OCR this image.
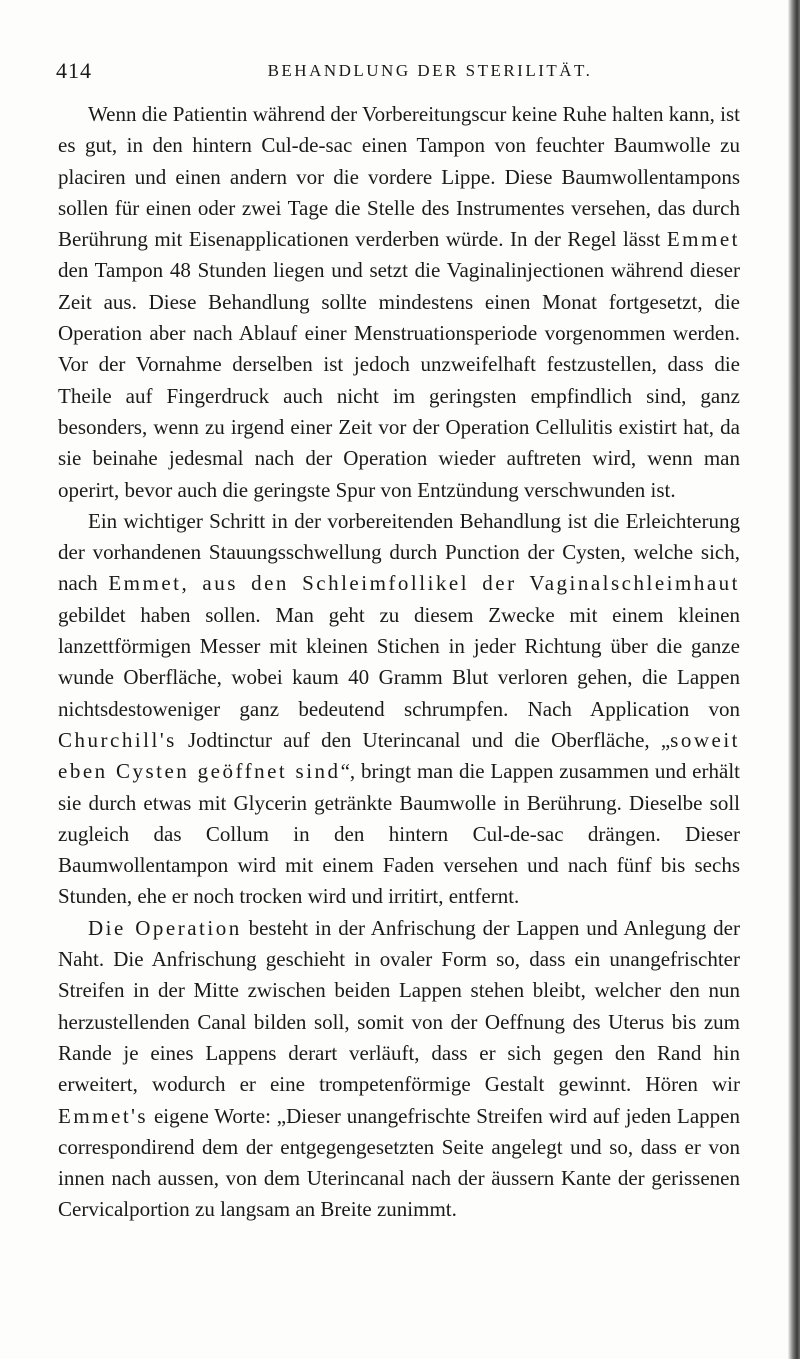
414	BEHANDLUNG DER STERILITÄT.

Wenn die Patientin während der Vorbereitungscur keine Ruhe halten kann, ist es gut, in den hintern Cul-de-sac einen Tampon von feuchter Baumwolle zu placiren und einen andern vor die vordere Lippe. Diese Baumwollentampons sollen für einen oder zwei Tage die Stelle des Instrumentes versehen, das durch Berührung mit Eisenapplicationen verderben würde. In der Regel lässt Emmet den Tampon 48 Stunden liegen und setzt die Vaginalinjectionen während dieser Zeit aus. Diese Behandlung sollte mindestens einen Monat fortgesetzt, die Operation aber nach Ablauf einer Menstruationsperiode vorgenommen werden. Vor der Vornahme derselben ist jedoch unzweifelhaft festzustellen, dass die Theile auf Fingerdruck auch nicht im geringsten empfindlich sind, ganz besonders, wenn zu irgend einer Zeit vor der Operation Cellulitis existirt hat, da sie beinahe jedesmal nach der Operation wieder auftreten wird, wenn man operirt, bevor auch die geringste Spur von Entzündung verschwunden ist.

Ein wichtiger Schritt in der vorbereitenden Behandlung ist die Erleichterung der vorhandenen Stauungsschwellung durch Punction der Cysten, welche sich, nach Emmet, aus den Schleimfollikel der Vaginalschleimhaut gebildet haben sollen. Man geht zu diesem Zwecke mit einem kleinen lanzettförmigen Messer mit kleinen Stichen in jeder Richtung über die ganze wunde Oberfläche, wobei kaum 40 Gramm Blut verloren gehen, die Lappen nichtsdestoweniger ganz bedeutend schrumpfen. Nach Application von Churchill's Jodtinctur auf den Uterincanal und die Oberfläche, „soweit eben Cysten geöffnet sind“, bringt man die Lappen zusammen und erhält sie durch etwas mit Glycerin getränkte Baumwolle in Berührung. Dieselbe soll zugleich das Collum in den hintern Cul-de-sac drängen. Dieser Baumwollentampon wird mit einem Faden versehen und nach fünf bis sechs Stunden, ehe er noch trocken wird und irritirt, entfernt.

Die Operation besteht in der Anfrischung der Lappen und Anlegung der Naht. Die Anfrischung geschieht in ovaler Form so, dass ein unangefrischter Streifen in der Mitte zwischen beiden Lappen stehen bleibt, welcher den nun herzustellenden Canal bilden soll, somit von der Oeffnung des Uterus bis zum Rande je eines Lappens derart verläuft, dass er sich gegen den Rand hin erweitert, wodurch er eine trompetenförmige Gestalt gewinnt. Hören wir Emmet's eigene Worte: „Dieser unangefrischte Streifen wird auf jeden Lappen correspondirend dem der entgegengesetzten Seite angelegt und so, dass er von innen nach aussen, von dem Uterincanal nach der äussern Kante der gerissenen Cervicalportion zu langsam an Breite zunimmt.
